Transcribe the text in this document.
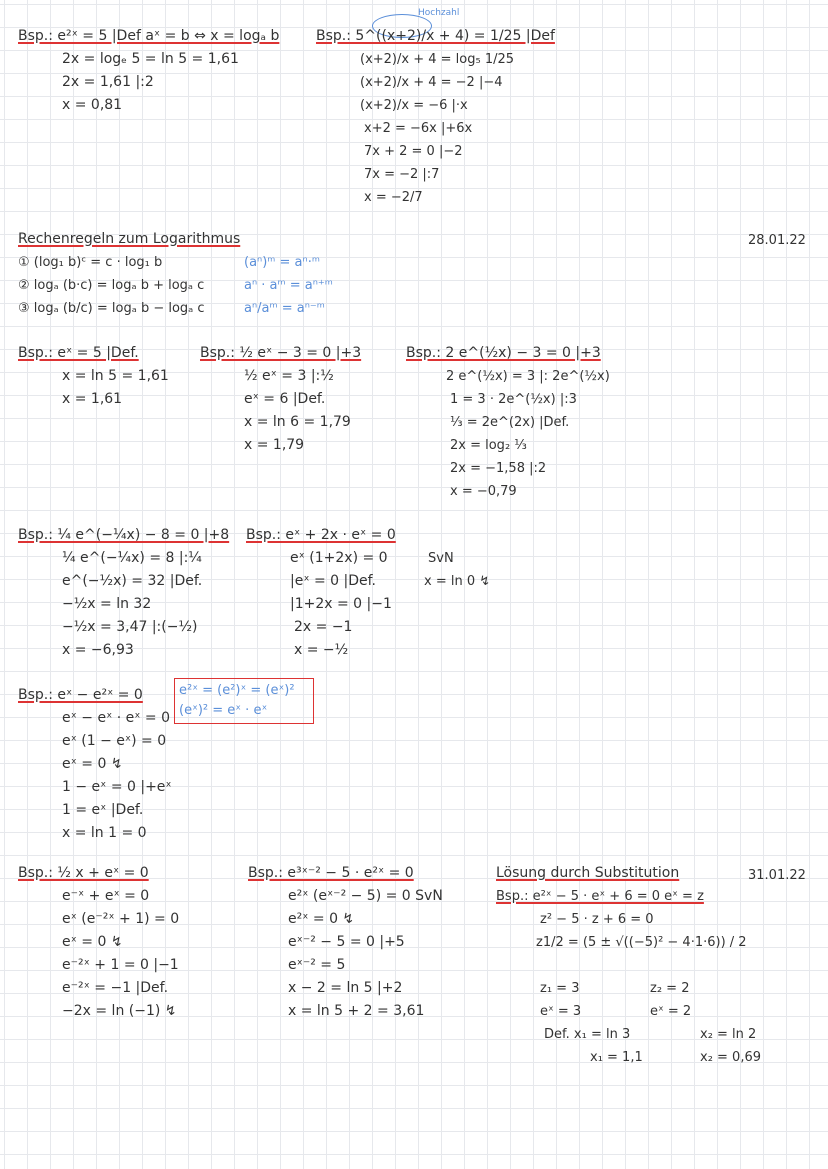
28.01.22
31.01.22
Bsp.: e²ˣ = 5 |Def aˣ = b ⇔ x = logₐ b
2x = logₑ 5 = ln 5 = 1,61
2x = 1,61 |:2
x = 0,81
Hochzahl
Bsp.: 5^((x+2)/x + 4) = 1/25 |Def
(x+2)/x + 4 = log₅ 1/25
(x+2)/x + 4 = −2 |−4
(x+2)/x = −6 |·x
x+2 = −6x |+6x
7x + 2 = 0 |−2
7x = −2 |:7
x = −2/7
Rechenregeln zum Logarithmus
① (log₁ b)ᶜ = c · log₁ b
② logₐ (b·c) = logₐ b + logₐ c
③ logₐ (b/c) = logₐ b − logₐ c
(aⁿ)ᵐ = aⁿ·ᵐ
aⁿ · aᵐ = aⁿ⁺ᵐ
aⁿ/aᵐ = aⁿ⁻ᵐ
Bsp.: eˣ = 5 |Def.
x = ln 5 = 1,61
x = 1,61
Bsp.: ½ eˣ − 3 = 0 |+3
½ eˣ = 3 |:½
eˣ = 6 |Def.
x = ln 6 = 1,79
x = 1,79
Bsp.: 2 e^(½x) − 3 = 0 |+3
2 e^(½x) = 3 |: 2e^(½x)
1 = 3 · 2e^(½x) |:3
⅓ = 2e^(2x) |Def.
2x = log₂ ⅓
2x = −1,58 |:2
x = −0,79
Bsp.: ¼ e^(−¼x) − 8 = 0 |+8
¼ e^(−¼x) = 8 |:¼
e^(−½x) = 32 |Def.
−½x = ln 32
−½x = 3,47 |:(−½)
x = −6,93
Bsp.: eˣ + 2x · eˣ = 0
eˣ (1+2x) = 0
|eˣ = 0 |Def.
|1+2x = 0 |−1
2x = −1
x = −½
SvN
x = ln 0 ↯
Bsp.: eˣ − e²ˣ = 0
eˣ − eˣ · eˣ = 0
eˣ (1 − eˣ) = 0
eˣ = 0 ↯
1 − eˣ = 0 |+eˣ
1 = eˣ |Def.
x = ln 1 = 0
e²ˣ = (e²)ˣ = (eˣ)²
(eˣ)² = eˣ · eˣ
Bsp.: ½ x + eˣ = 0
e⁻ˣ + eˣ = 0
eˣ (e⁻²ˣ + 1) = 0
eˣ = 0 ↯
e⁻²ˣ + 1 = 0 |−1
e⁻²ˣ = −1 |Def.
−2x = ln (−1) ↯
Bsp.: e³ˣ⁻² − 5 · e²ˣ = 0
e²ˣ (eˣ⁻² − 5) = 0 SvN
e²ˣ = 0 ↯
eˣ⁻² − 5 = 0 |+5
eˣ⁻² = 5
x − 2 = ln 5 |+2
x = ln 5 + 2 = 3,61
Lösung durch Substitution
Bsp.: e²ˣ − 5 · eˣ + 6 = 0 eˣ = z
z² − 5 · z + 6 = 0
z1/2 = (5 ± √((−5)² − 4·1·6)) / 2
z₁ = 3
eˣ = 3
Def. x₁ = ln 3
x₁ = 1,1
z₂ = 2
eˣ = 2
x₂ = ln 2
x₂ = 0,69
